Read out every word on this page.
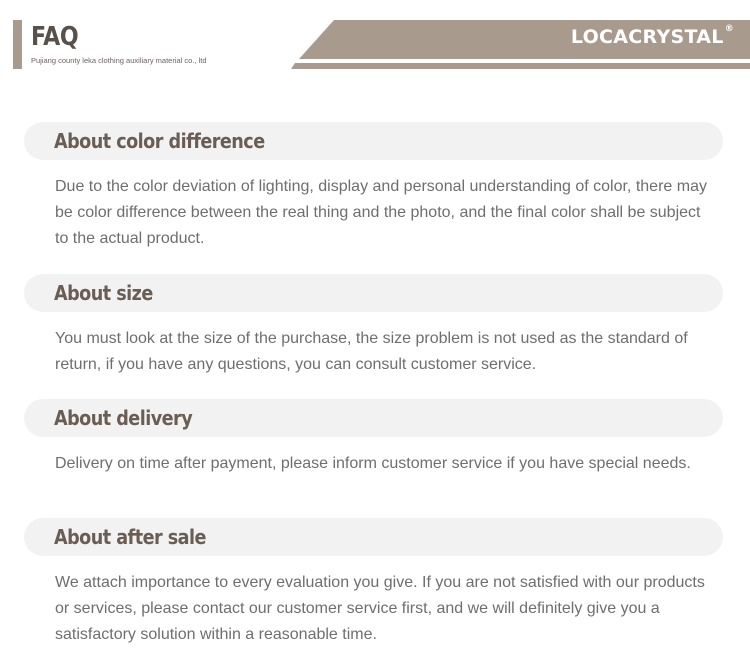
FAQ
Pujiang county leka clothing auxiliary material co., ltd
LOCACRYSTAL®
About color difference
Due to the color deviation of lighting, display and personal understanding of color, there may be color difference between the real thing and the photo, and the final color shall be subject to the actual product.
About size
You must look at the size of the purchase, the size problem is not used as the standard of return, if you have any questions, you can consult customer service.
About delivery
Delivery on time after payment, please inform customer service if you have special needs.
About after sale
We attach importance to every evaluation you give. If you are not satisfied with our products or services, please contact our customer service first, and we will definitely give you a satisfactory solution within a reasonable time.
